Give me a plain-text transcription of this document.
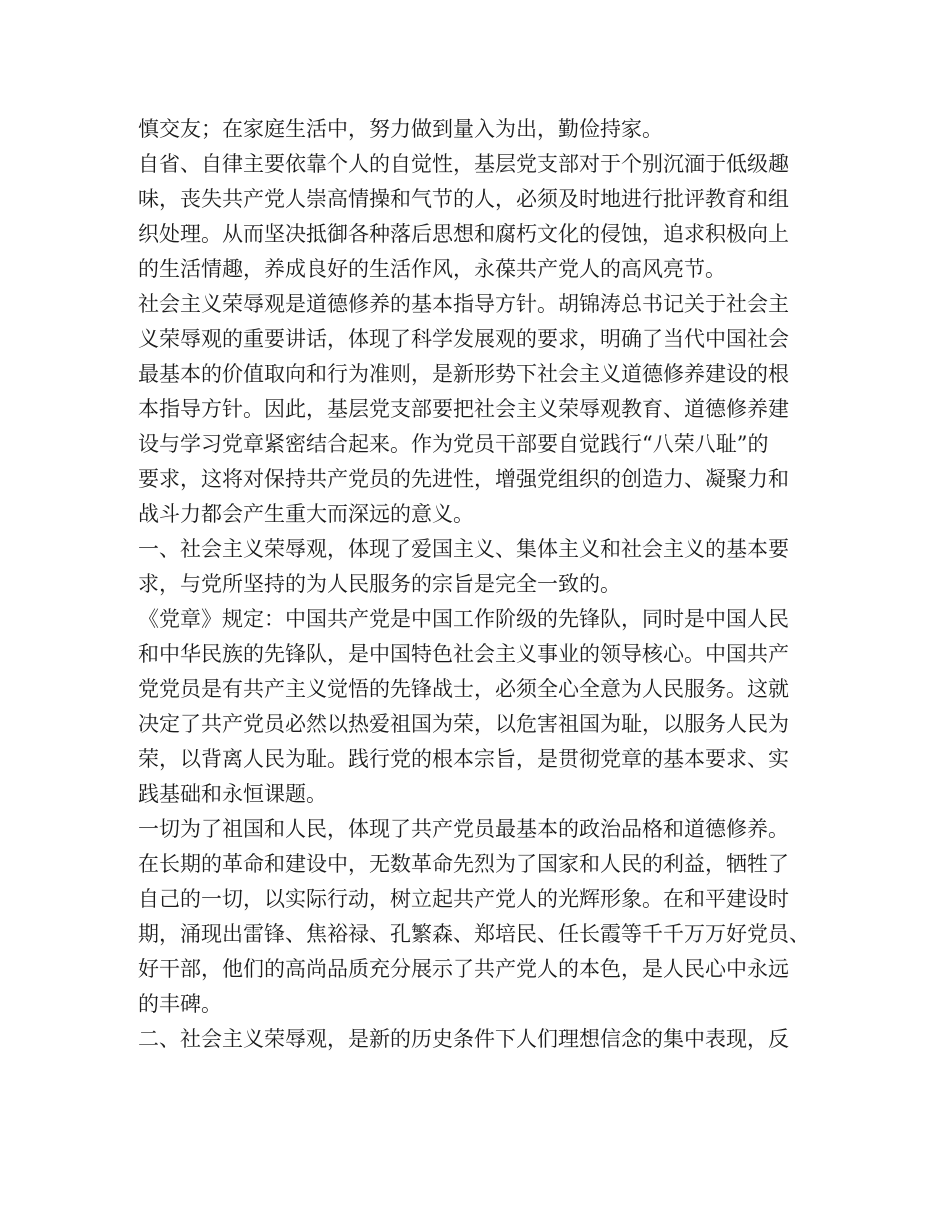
慎交友；在家庭生活中，努力做到量入为出，勤俭持家。
自省、自律主要依靠个人的自觉性，基层党支部对于个别沉湎于低级趣
味，丧失共产党人崇高情操和气节的人，必须及时地进行批评教育和组
织处理。从而坚决抵御各种落后思想和腐朽文化的侵蚀，追求积极向上
的生活情趣，养成良好的生活作风，永葆共产党人的高风亮节。
社会主义荣辱观是道德修养的基本指导方针。胡锦涛总书记关于社会主
义荣辱观的重要讲话，体现了科学发展观的要求，明确了当代中国社会
最基本的价值取向和行为准则，是新形势下社会主义道德修养建设的根
本指导方针。因此，基层党支部要把社会主义荣辱观教育、道德修养建
设与学习党章紧密结合起来。作为党员干部要自觉践行“八荣八耻”的
要求，这将对保持共产党员的先进性，增强党组织的创造力、凝聚力和
战斗力都会产生重大而深远的意义。
一、社会主义荣辱观，体现了爱国主义、集体主义和社会主义的基本要
求，与党所坚持的为人民服务的宗旨是完全一致的。
《党章》规定：中国共产党是中国工作阶级的先锋队，同时是中国人民
和中华民族的先锋队，是中国特色社会主义事业的领导核心。中国共产
党党员是有共产主义觉悟的先锋战士，必须全心全意为人民服务。这就
决定了共产党员必然以热爱祖国为荣，以危害祖国为耻，以服务人民为
荣，以背离人民为耻。践行党的根本宗旨，是贯彻党章的基本要求、实
践基础和永恒课题。
一切为了祖国和人民，体现了共产党员最基本的政治品格和道德修养。
在长期的革命和建设中，无数革命先烈为了国家和人民的利益，牺牲了
自己的一切，以实际行动，树立起共产党人的光辉形象。在和平建设时
期，涌现出雷锋、焦裕禄、孔繁森、郑培民、任长霞等千千万万好党员、
好干部，他们的高尚品质充分展示了共产党人的本色，是人民心中永远
的丰碑。
二、社会主义荣辱观，是新的历史条件下人们理想信念的集中表现，反
